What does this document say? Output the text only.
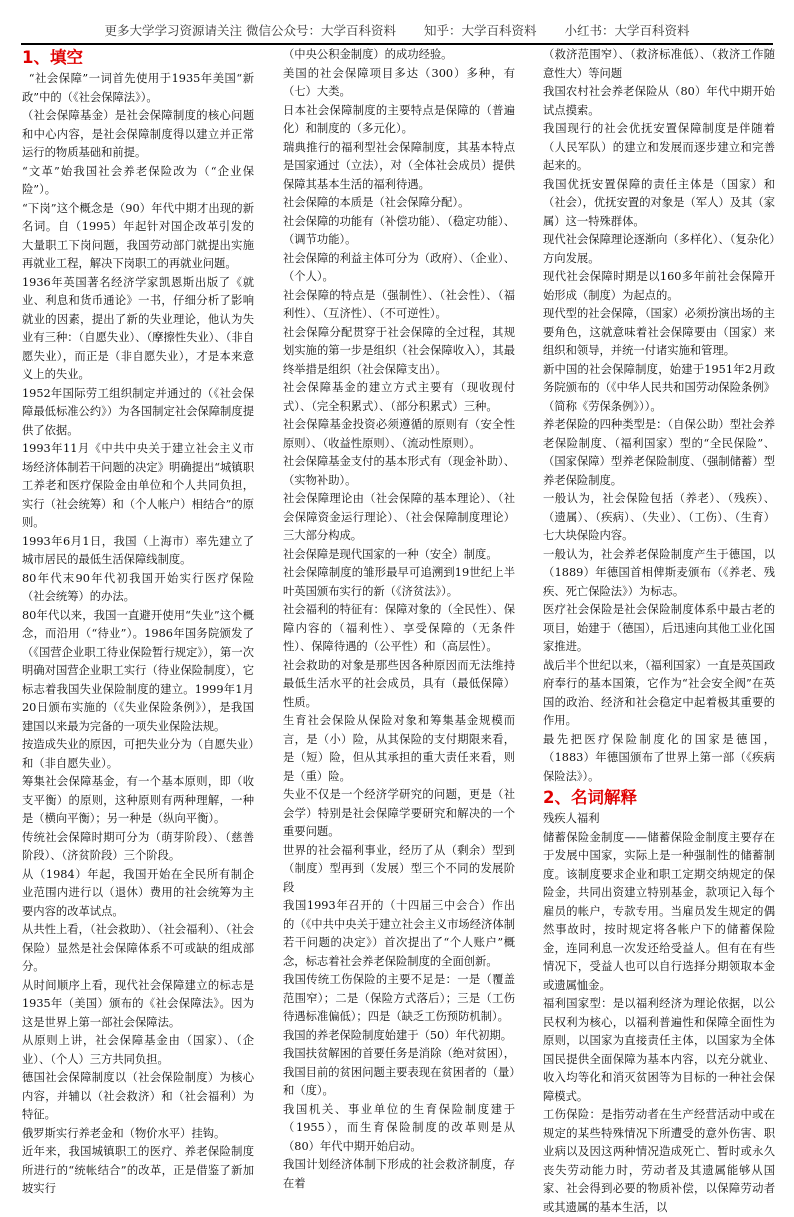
更多大学学习资源请关注 微信公众号：大学百科资料 知乎：大学百科资料 小红书：大学百科资料
1、填空

“社会保障”一词首先使用于1935年美国“新政”中的（《社会保障法》）。

（社会保障基金）是社会保障制度的核心问题和中心内容，是社会保障制度得以建立并正常运行的物质基础和前提。

“文革”始我国社会养老保险改为（“企业保险”）。

“下岗”这个概念是（90）年代中期才出现的新名词。自（1995）年起针对国企改革引发的大量职工下岗问题，我国劳动部门就提出实施再就业工程，解决下岗职工的再就业问题。

1936年英国著名经济学家凯恩斯出版了《就业、利息和货币通论》一书，仔细分析了影响就业的因素，提出了新的失业理论，他认为失业有三种：（自愿失业）、（摩擦性失业）、（非自愿失业），而正是（非自愿失业），才是本来意义上的失业。

1952年国际劳工组织制定并通过的（《社会保障最低标准公约》）为各国制定社会保障制度提供了依据。

1993年11月《中共中央关于建立社会主义市场经济体制若干问题的决定》明确提出“城镇职工养老和医疗保险金由单位和个人共同负担，实行（社会统筹）和（个人帐户）相结合”的原则。

1993年6月1日，我国（上海市）率先建立了城市居民的最低生活保障线制度。

80年代末90年代初我国开始实行医疗保险（社会统筹）的办法。

80年代以来，我国一直避开使用“失业”这个概念，而沿用（“待业”）。1986年国务院颁发了（《国营企业职工待业保险暂行规定》），第一次明确对国营企业职工实行（待业保险制度），它标志着我国失业保险制度的建立。1999年1月20日颁布实施的（《失业保险条例》），是我国建国以来最为完备的一项失业保险法规。

按造成失业的原因，可把失业分为（自愿失业）和（非自愿失业）。

筹集社会保障基金，有一个基本原则，即（收支平衡）的原则，这种原则有两种理解，一种是（横向平衡）；另一种是（纵向平衡）。

传统社会保障时期可分为（萌芽阶段）、（慈善阶段）、（济贫阶段）三个阶段。

从（1984）年起，我国开始在全民所有制企业范围内进行以（退休）费用的社会统筹为主要内容的改革试点。

从共性上看，（社会救助）、（社会福利）、（社会保险）显然是社会保障体系不可或缺的组成部分。

从时间顺序上看，现代社会保障建立的标志是1935年（美国）颁布的《社会保障法》。因为这是世界上第一部社会保障法。

从原则上讲，社会保障基金由（国家）、（企业）、（个人）三方共同负担。

德国社会保障制度以（社会保险制度）为核心内容，并辅以（社会救济）和（社会福利）为特征。

俄罗斯实行养老金和（物价水平）挂钩。

近年来，我国城镇职工的医疗、养老保险制度所进行的“统帐结合”的改革，正是借鉴了新加坡实行

（中央公积金制度）的成功经验。

美国的社会保障项目多达（300）多种，有（七）大类。

日本社会保障制度的主要特点是保障的（普遍化）和制度的（多元化）。

瑞典推行的福利型社会保障制度，其基本特点是国家通过（立法），对（全体社会成员）提供保障其基本生活的福利待遇。

社会保障的本质是（社会保障分配）。

社会保障的功能有（补偿功能）、（稳定功能）、（调节功能）。

社会保障的利益主体可分为（政府）、（企业）、（个人）。

社会保障的特点是（强制性）、（社会性）、（福利性）、（互济性）、（不可逆性）。

社会保障分配贯穿于社会保障的全过程，其规划实施的第一步是组织（社会保障收入），其最终举措是组织（社会保障支出）。

社会保障基金的建立方式主要有（现收现付式）、（完全积累式）、（部分积累式）三种。

社会保障基金投资必须遵循的原则有（安全性原则）、（收益性原则）、（流动性原则）。

社会保障基金支付的基本形式有（现金补助）、（实物补助）。

社会保障理论由（社会保障的基本理论）、（社会保障资金运行理论）、（社会保障制度理论）三大部分构成。

社会保障是现代国家的一种（安全）制度。

社会保障制度的雏形最早可追溯到19世纪上半叶英国颁布实行的新（《济贫法》）。

社会福利的特征有：保障对象的（全民性）、保障内容的（福利性）、享受保障的（无条件性）、保障待遇的（公平性）和（高层性）。

社会救助的对象是那些因各种原因而无法维持最低生活水平的社会成员，具有（最低保障）性质。

生育社会保险从保险对象和筹集基金规模而言，是（小）险，从其保险的支付期限来看，是（短）险，但从其承担的重大责任来看，则是（重）险。

失业不仅是一个经济学研究的问题，更是（社会学）特别是社会保障学要研究和解决的一个重要问题。

世界的社会福利事业，经历了从（剩余）型到（制度）型再到（发展）型三个不同的发展阶段

我国1993年召开的（十四届三中会合）作出的（《中共中央关于建立社会主义市场经济体制若干问题的决定》）首次提出了“个人账户”概念，标志着社会养老保险制度的全面创新。

我国传统工伤保险的主要不足是：一是（覆盖范围窄）；二是（保险方式落后）；三是（工伤待遇标准偏低）；四是（缺乏工伤预防机制）。

我国的养老保险制度始建于（50）年代初期。

我国扶贫解困的首要任务是消除（绝对贫困），我国目前的贫困问题主要表现在贫困者的（量）和（度）。

我国机关、事业单位的生育保险制度建于（1955），而生育保险制度的改革则是从（80）年代中期开始启动。

我国计划经济体制下形成的社会救济制度，存在着

（救济范围窄）、（救济标准低）、（救济工作随意性大）等问题

我国农村社会养老保险从（80）年代中期开始试点摸索。

我国现行的社会优抚安置保障制度是伴随着（人民军队）的建立和发展而逐步建立和完善起来的。

我国优抚安置保障的责任主体是（国家）和（社会），优抚安置的对象是（军人）及其（家属）这一特殊群体。

现代社会保障理论逐渐向（多样化）、（复杂化）方向发展。

现代社会保障时期是以160多年前社会保障开始形成（制度）为起点的。

现代型的社会保障，（国家）必须扮演出场的主要角色，这就意味着社会保障要由（国家）来组织和领导，并统一付诸实施和管理。

新中国的社会保障制度，始建于1951年2月政务院颁布的（《中华人民共和国劳动保险条例》（简称《劳保条例》））。

养老保险的四种类型是：（自保公助）型社会养老保险制度、（福利国家）型的“全民保险”、（国家保障）型养老保险制度、（强制储蓄）型养老保险制度。

一般认为，社会保险包括（养老）、（残疾）、（遗属）、（疾病）、（失业）、（工伤）、（生育）七大块保险内容。

一般认为，社会养老保险制度产生于德国，以（1889）年德国首相俾斯麦颁布（《养老、残疾、死亡保险法》）为标志。

医疗社会保险是社会保险制度体系中最古老的项目，始建于（德国），后迅速向其他工业化国家推进。

战后半个世纪以来，（福利国家）一直是英国政府奉行的基本国策，它作为“社会安全阀”在英国的政治、经济和社会稳定中起着极其重要的作用。

最先把医疗保险制度化的国家是德国，（1883）年德国颁布了世界上第一部（《疾病保险法》）。

2、名词解释

残疾人福利

储蓄保险金制度——储蓄保险金制度主要存在于发展中国家，实际上是一种强制性的储蓄制度。该制度要求企业和职工定期交纳规定的保险金，共同出资建立特别基金，款项记入每个雇员的帐户，专款专用。当雇员发生规定的偶然事故时，按时规定将各帐户下的储蓄保险金，连同利息一次发还给受益人。但有在有些情况下，受益人也可以自行选择分期领取本金或遗属恤金。

福利国家型：是以福利经济为理论依据，以公民权利为核心，以福利普遍性和保障全面性为原则，以国家为直接责任主体，以国家为全体国民提供全面保障为基本内容，以充分就业、收入均等化和消灭贫困等为目标的一种社会保障模式。

工伤保险：是指劳动者在生产经营活动中或在规定的某些特殊情况下所遭受的意外伤害、职业病以及因这两种情况造成死亡、暂时或永久丧失劳动能力时，劳动者及其遗属能够从国家、社会得到必要的物质补偿，以保障劳动者或其遗属的基本生活，以
